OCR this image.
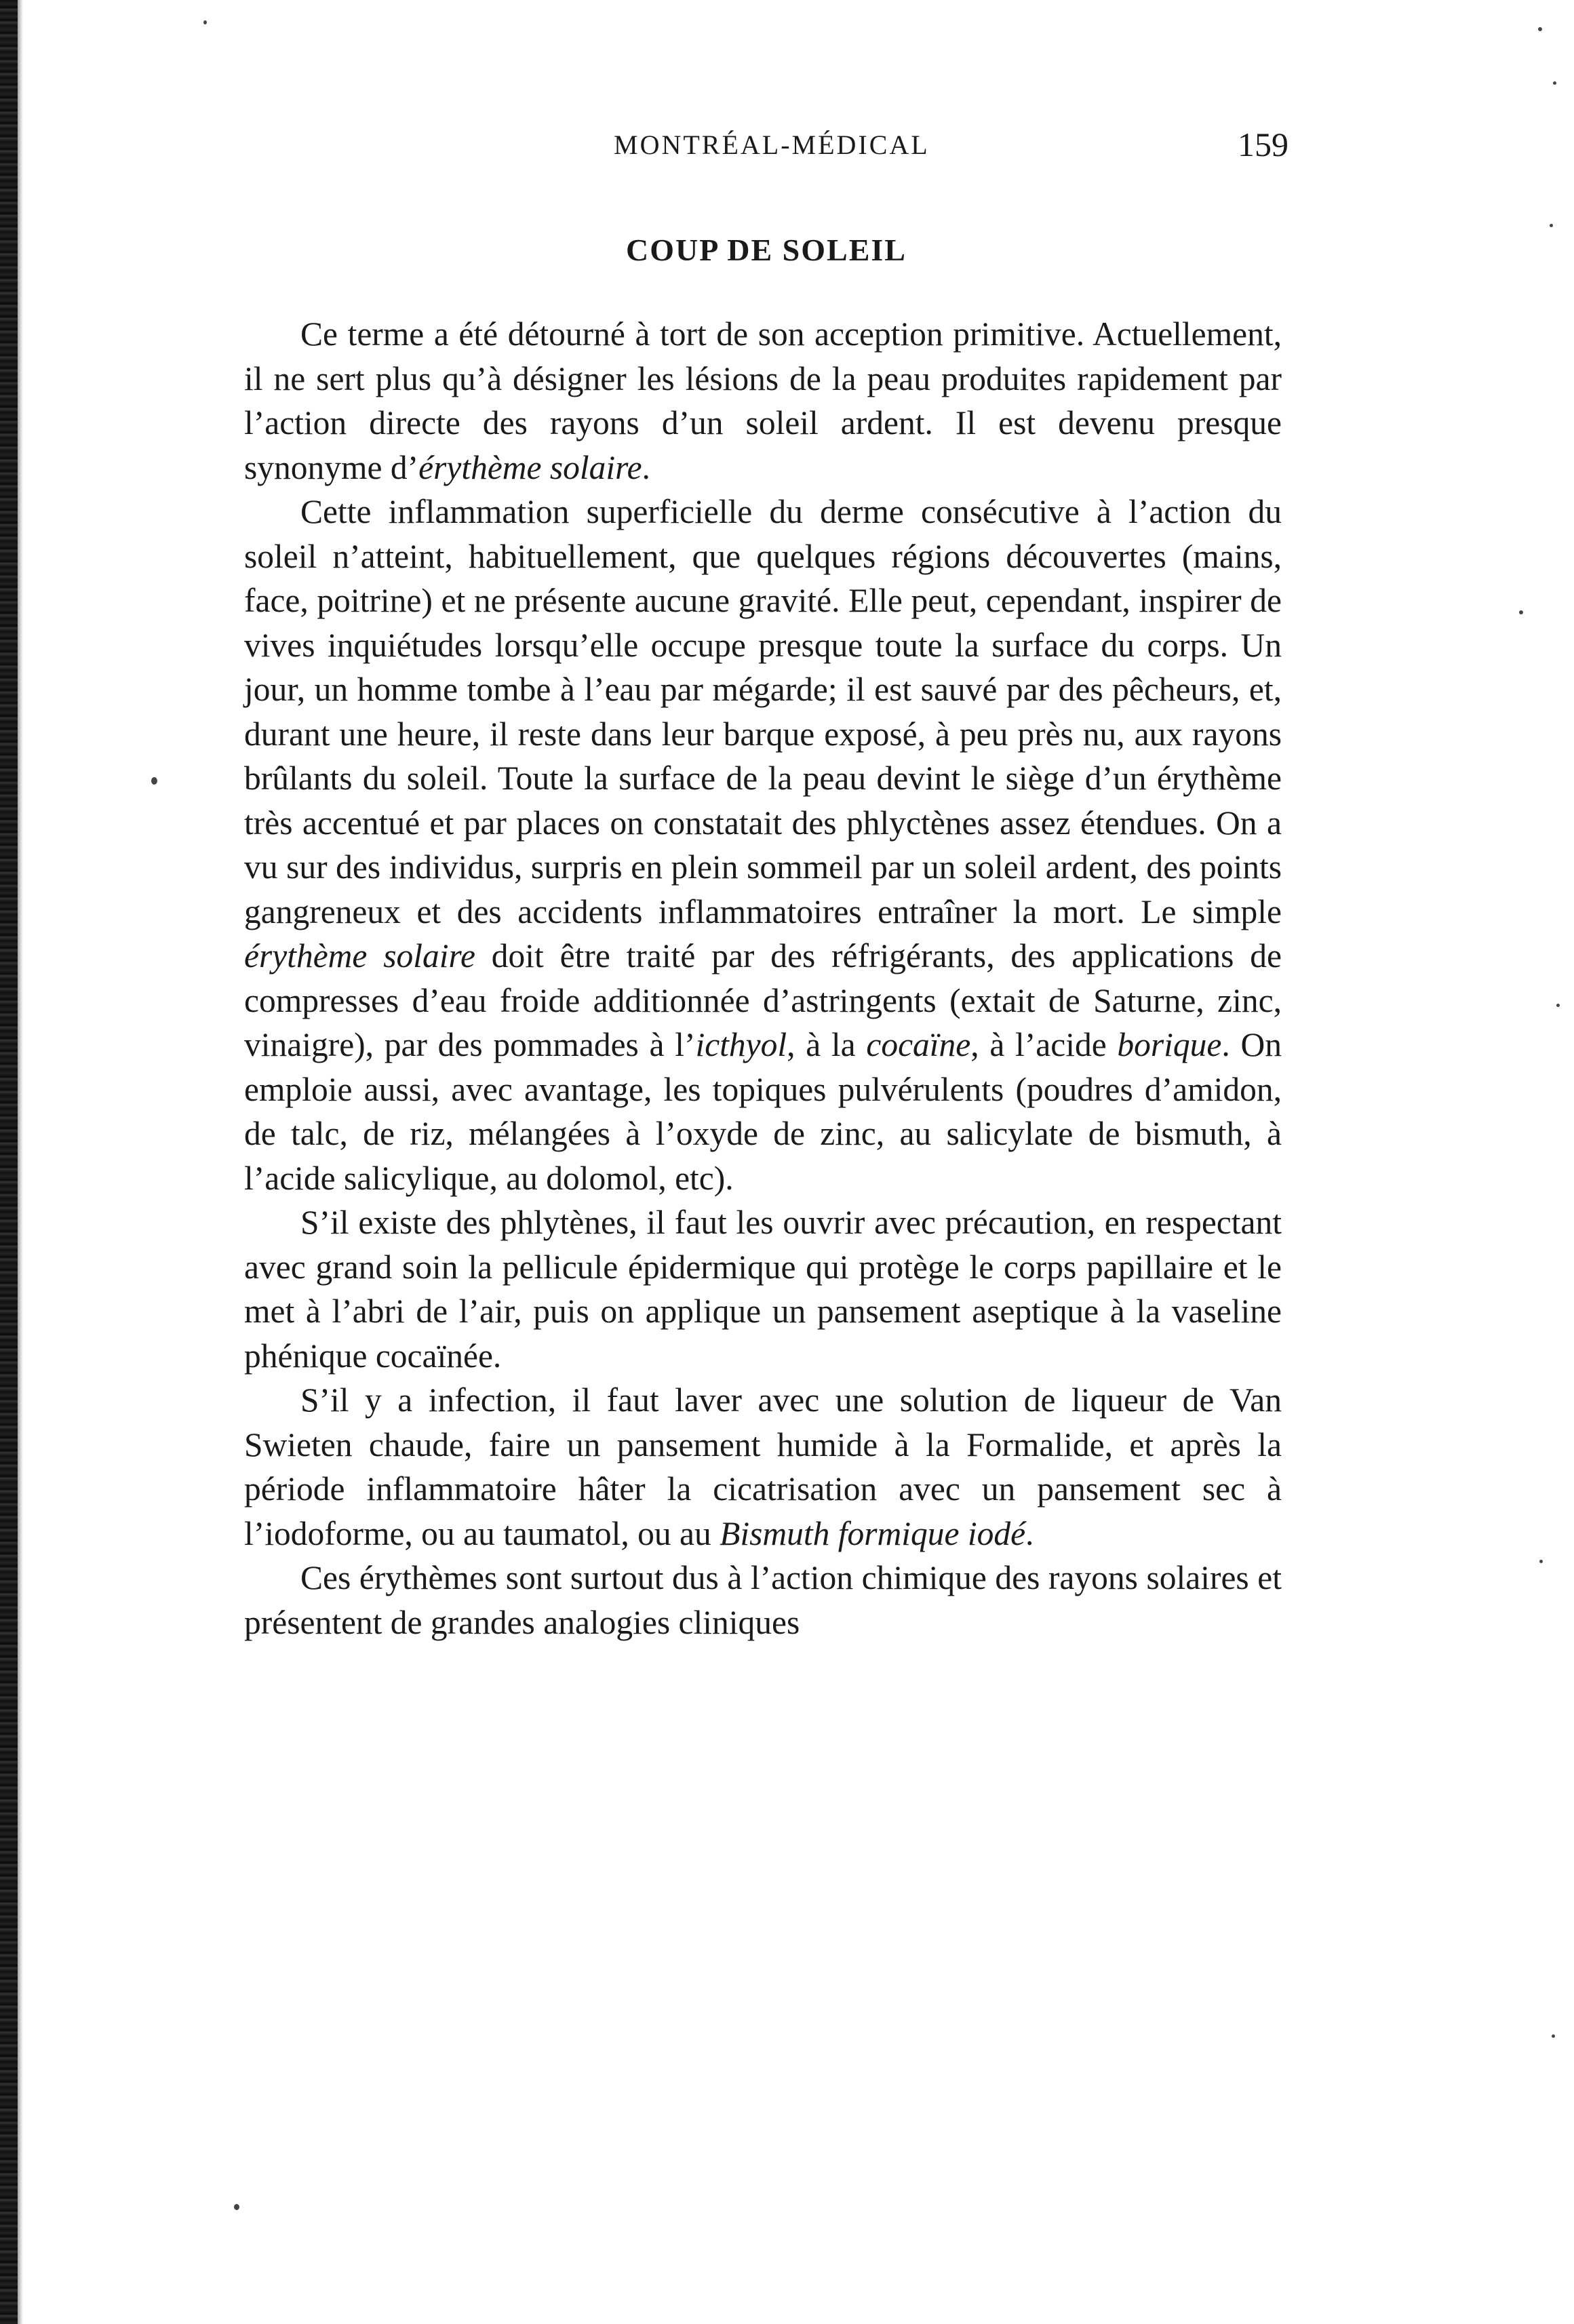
MONTRÉAL-MÉDICAL	159
COUP DE SOLEIL

Ce terme a été détourné à tort de son acception primitive. Actuellement, il ne sert plus qu’à désigner les lésions de la peau produites rapidement par l’action directe des rayons d’un soleil ardent. Il est devenu presque synonyme d’érythème solaire.

Cette inflammation superficielle du derme consécutive à l’action du soleil n’atteint, habituellement, que quelques régions découvertes (mains, face, poitrine) et ne présente aucune gravité. Elle peut, cependant, inspirer de vives inquiétudes lorsqu’elle occupe presque toute la surface du corps. Un jour, un homme tombe à l’eau par mégarde; il est sauvé par des pêcheurs, et, durant une heure, il reste dans leur barque exposé, à peu près nu, aux rayons brûlants du soleil. Toute la surface de la peau devint le siège d’un érythème très accentué et par places on constatait des phlyctènes assez étendues. On a vu sur des individus, surpris en plein sommeil par un soleil ardent, des points gangreneux et des accidents inflammatoires entraîner la mort. Le simple érythème solaire doit être traité par des réfrigérants, des applications de compresses d’eau froide additionnée d’astringents (extait de Saturne, zinc, vinaigre), par des pommades à l’icthyol, à la cocaïne, à l’acide borique. On emploie aussi, avec avantage, les topiques pulvérulents (poudres d’amidon, de talc, de riz, mélangées à l’oxyde de zinc, au salicylate de bismuth, à l’acide salicylique, au dolomol, etc).

S’il existe des phlytènes, il faut les ouvrir avec précaution, en respectant avec grand soin la pellicule épidermique qui protège le corps papillaire et le met à l’abri de l’air, puis on applique un pansement aseptique à la vaseline phénique cocaïnée.

S’il y a infection, il faut laver avec une solution de liqueur de Van Swieten chaude, faire un pansement humide à la Formalide, et après la période inflammatoire hâter la cicatrisation avec un pansement sec à l’iodoforme, ou au taumatol, ou au Bismuth formique iodé.

Ces érythèmes sont surtout dus à l’action chimique des rayons solaires et présentent de grandes analogies cliniques
